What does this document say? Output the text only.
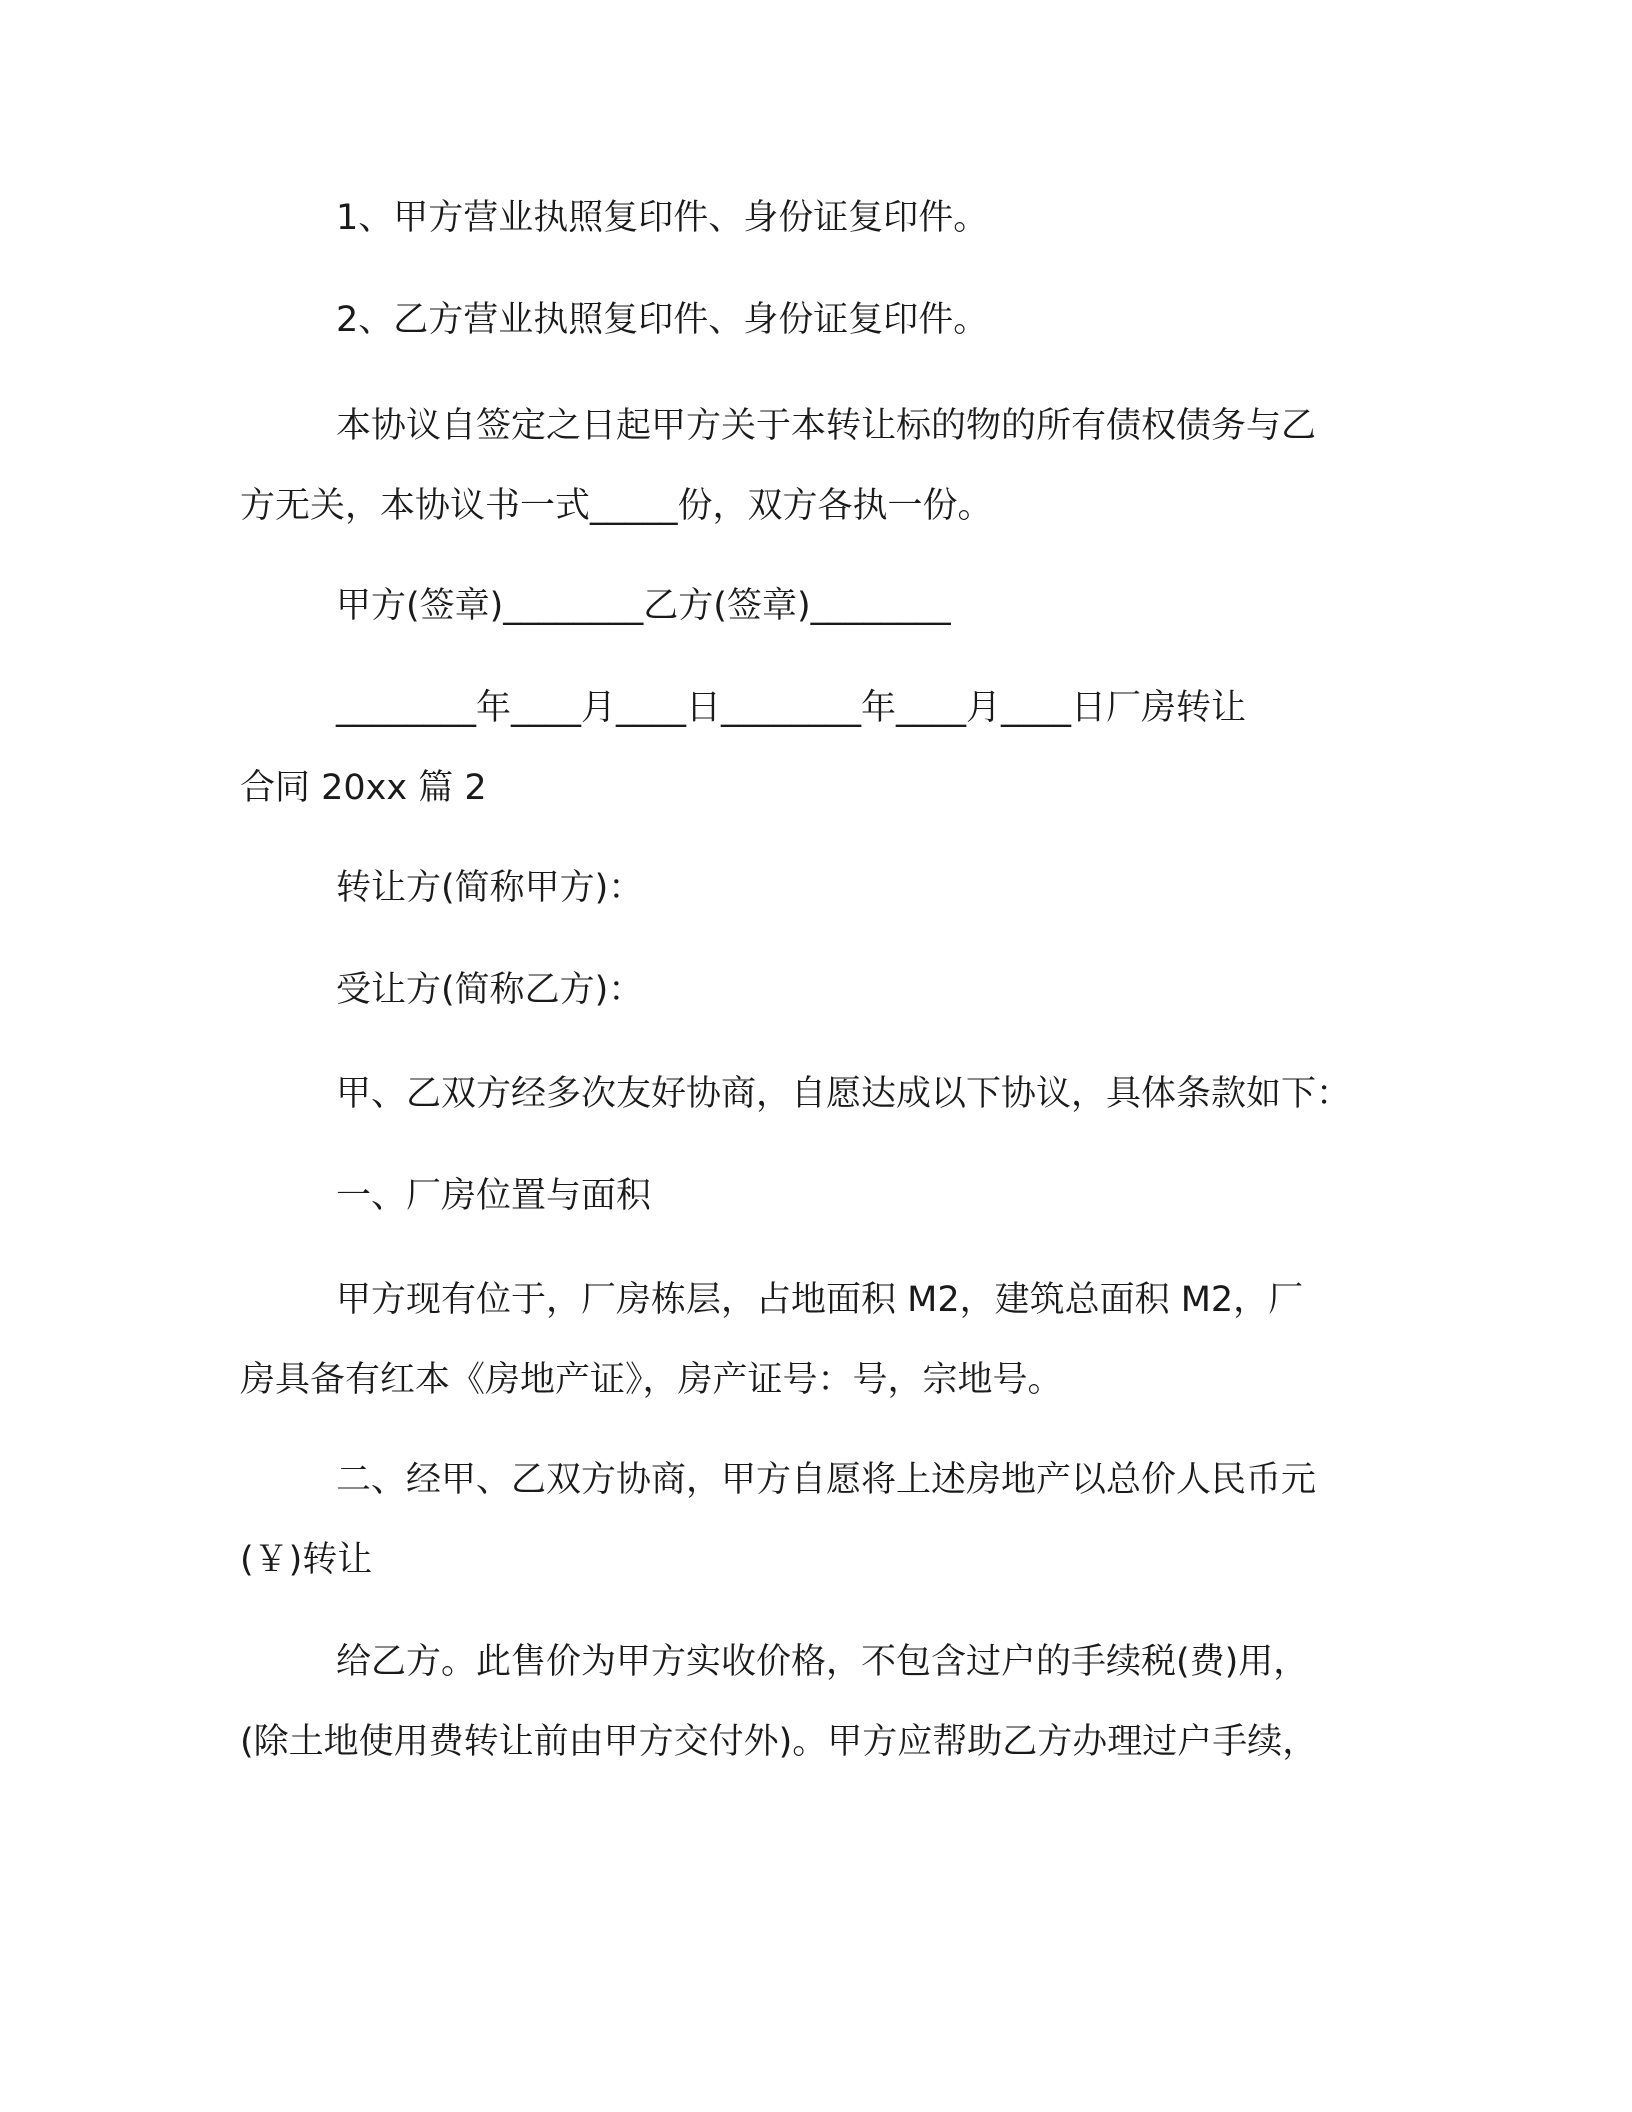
1、甲方营业执照复印件、身份证复印件。

2、乙方营业执照复印件、身份证复印件。

本协议自签定之日起甲方关于本转让标的物的所有债权债务与乙
方无关，本协议书一式_____份，双方各执一份。

甲方(签章)________乙方(签章)________

________年____月____日________年____月____日厂房转让
合同 20xx 篇 2

转让方(简称甲方)：

受让方(简称乙方)：

甲、乙双方经多次友好协商，自愿达成以下协议，具体条款如下：

一、厂房位置与面积

甲方现有位于，厂房栋层，占地面积 M2，建筑总面积 M2，厂
房具备有红本《房地产证》，房产证号：号，宗地号。

二、经甲、乙双方协商，甲方自愿将上述房地产以总价人民币元
(￥)转让

给乙方。此售价为甲方实收价格，不包含过户的手续税(费)用，
(除土地使用费转让前由甲方交付外)。甲方应帮助乙方办理过户手续，
